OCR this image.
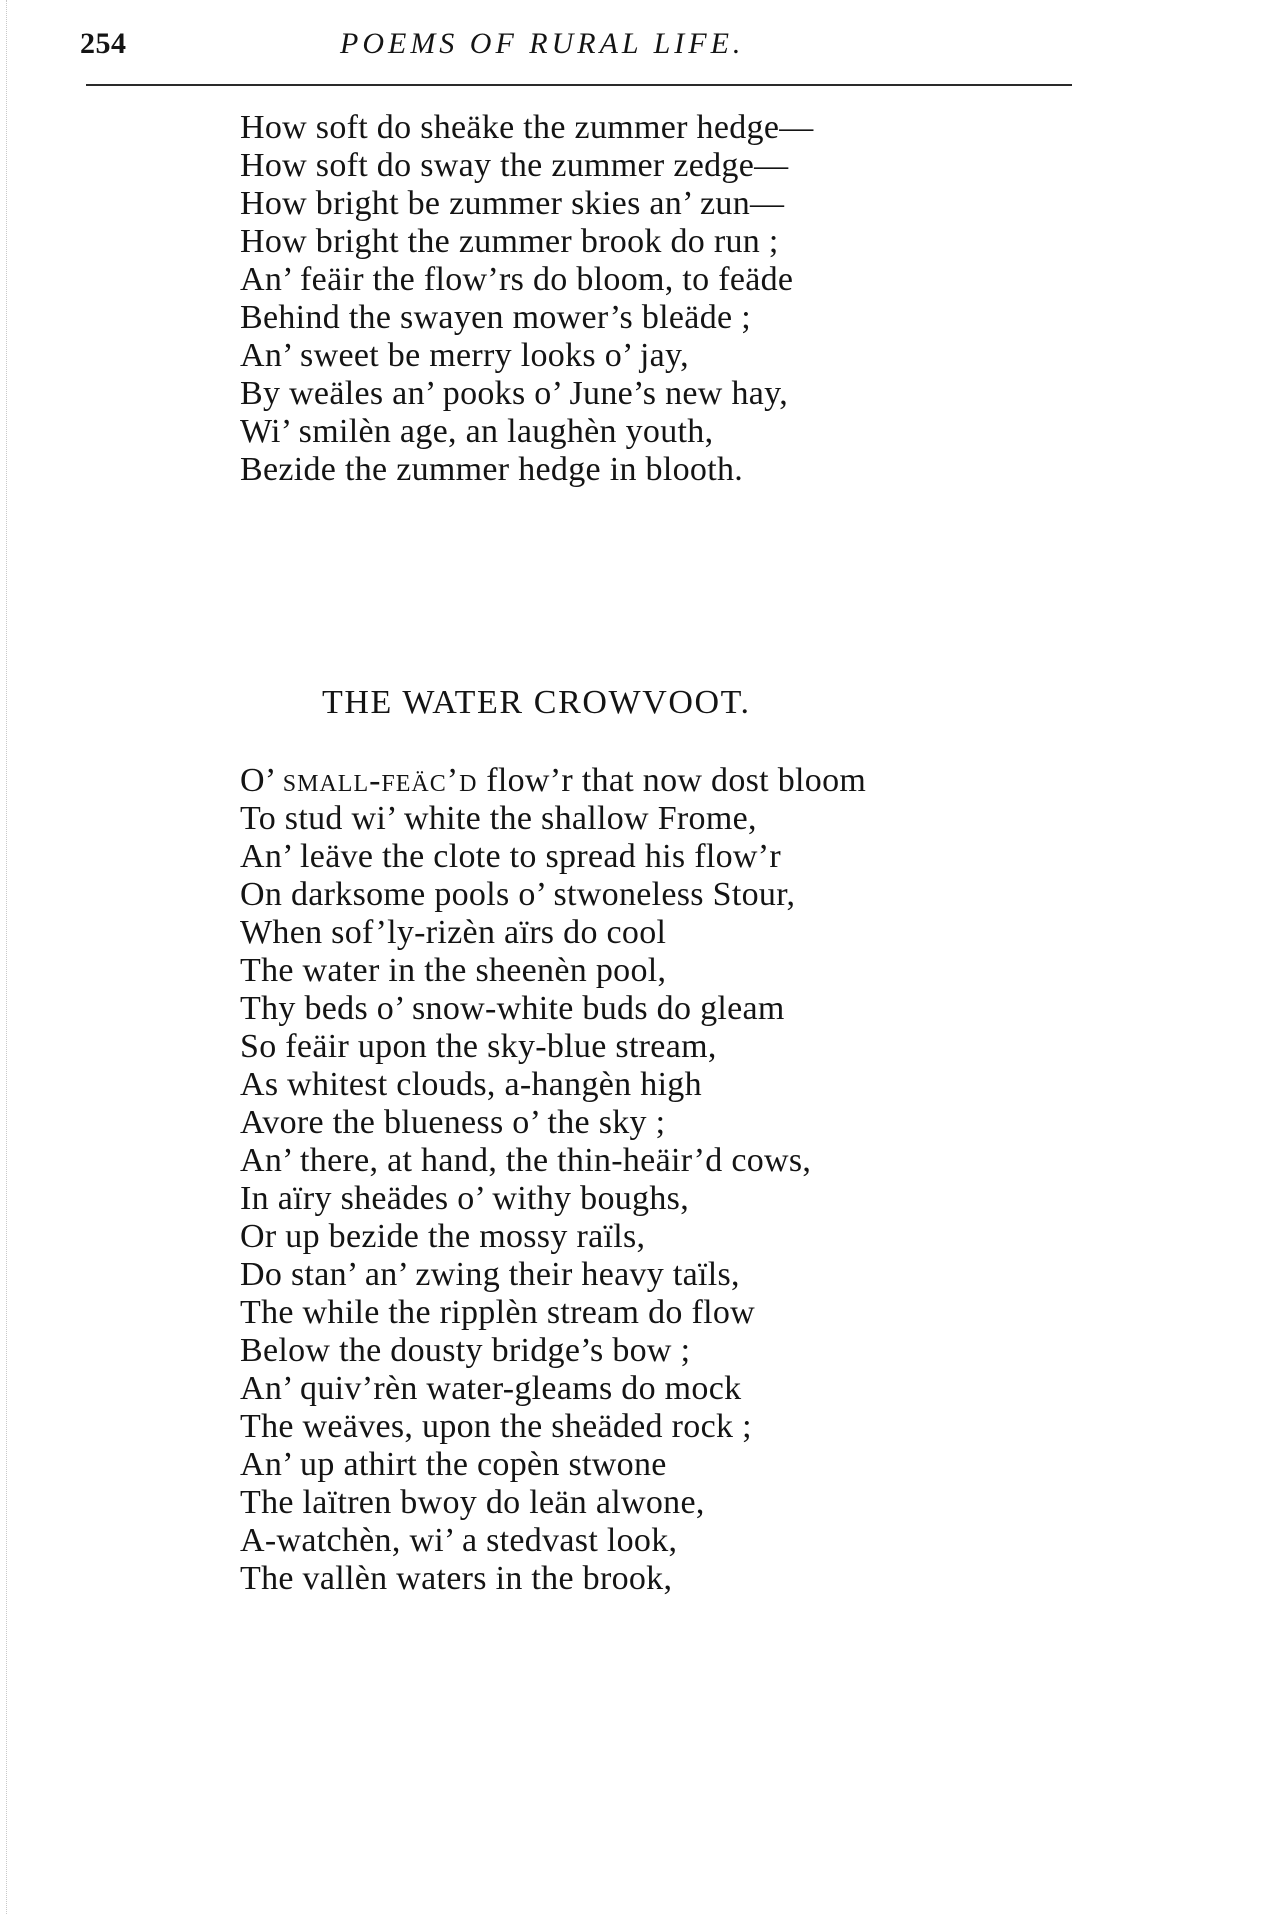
254	POEMS OF RURAL LIFE.
How soft do sheäke the zummer hedge—
How soft do sway the zummer zedge—
How bright be zummer skies an’ zun—
How bright the zummer brook do run ;
An’ feäir the flow’rs do bloom, to feäde
Behind the swayen mower’s bleäde ;
An’ sweet be merry looks o’ jay,
By weäles an’ pooks o’ June’s new hay,
Wi’ smilèn age, an laughèn youth,
Bezide the zummer hedge in blooth.
THE WATER CROWVOOT.
O’ small-feäc’d flow’r that now dost bloom
To stud wi’ white the shallow Frome,
An’ leäve the clote to spread his flow’r
On darksome pools o’ stwoneless Stour,
When sof’ly-rizèn aïrs do cool
The water in the sheenèn pool,
Thy beds o’ snow-white buds do gleam
So feäir upon the sky-blue stream,
As whitest clouds, a-hangèn high
Avore the blueness o’ the sky ;
An’ there, at hand, the thin-heäir’d cows,
In aïry sheädes o’ withy boughs,
Or up bezide the mossy raïls,
Do stan’ an’ zwing their heavy taïls,
The while the ripplèn stream do flow
Below the dousty bridge’s bow ;
An’ quiv’rèn water-gleams do mock
The weäves, upon the sheäded rock ;
An’ up athirt the copèn stwone
The laïtren bwoy do leän alwone,
A-watchèn, wi’ a stedvast look,
The vallèn waters in the brook,
